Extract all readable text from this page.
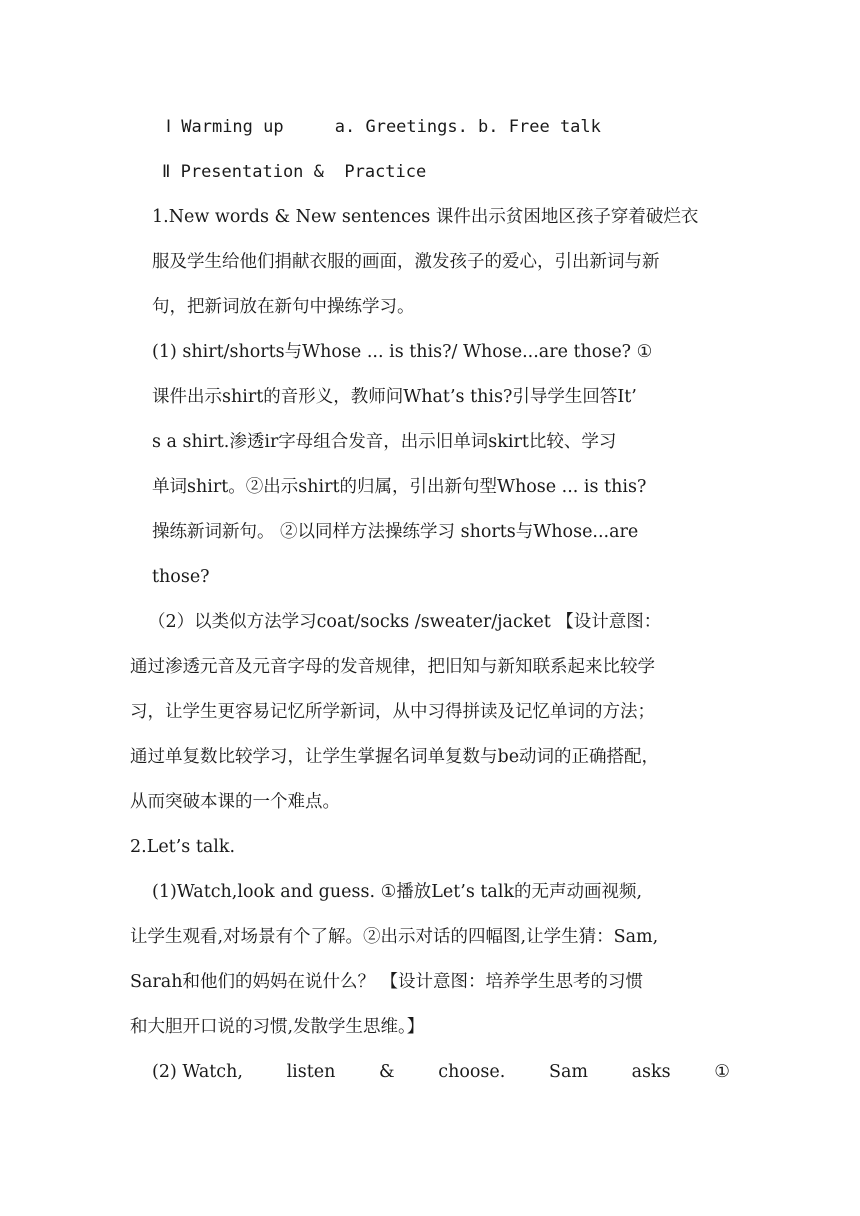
Ⅰ Warming up     a. Greetings. b. Free talk
Ⅱ Presentation &  Practice
1.New words & New sentences 课件出示贫困地区孩子穿着破烂衣
服及学生给他们捐献衣服的画面，激发孩子的爱心，引出新词与新
句，把新词放在新句中操练学习。
(1) shirt/shorts与Whose ... is this?/ Whose...are those? ①
课件出示shirt的音形义，教师问What’s this?引导学生回答It’
s a shirt.渗透ir字母组合发音，出示旧单词skirt比较、学习
单词shirt。②出示shirt的归属，引出新句型Whose ... is this?
操练新词新句。 ②以同样方法操练学习 shorts与Whose...are
those?
（2）以类似方法学习coat/socks /sweater/jacket 【设计意图：
通过渗透元音及元音字母的发音规律，把旧知与新知联系起来比较学
习，让学生更容易记忆所学新词，从中习得拼读及记忆单词的方法；
通过单复数比较学习，让学生掌握名词单复数与be动词的正确搭配，
从而突破本课的一个难点。
2.Let’s talk.
(1)Watch,look and guess. ①播放Let’s talk的无声动画视频,
让学生观看,对场景有个了解。②出示对话的四幅图,让学生猜：Sam,
Sarah和他们的妈妈在说什么？ 【设计意图：培养学生思考的习惯
和大胆开口说的习惯,发散学生思维。】
(2) Watch, listen & choose. Sam asks ①
